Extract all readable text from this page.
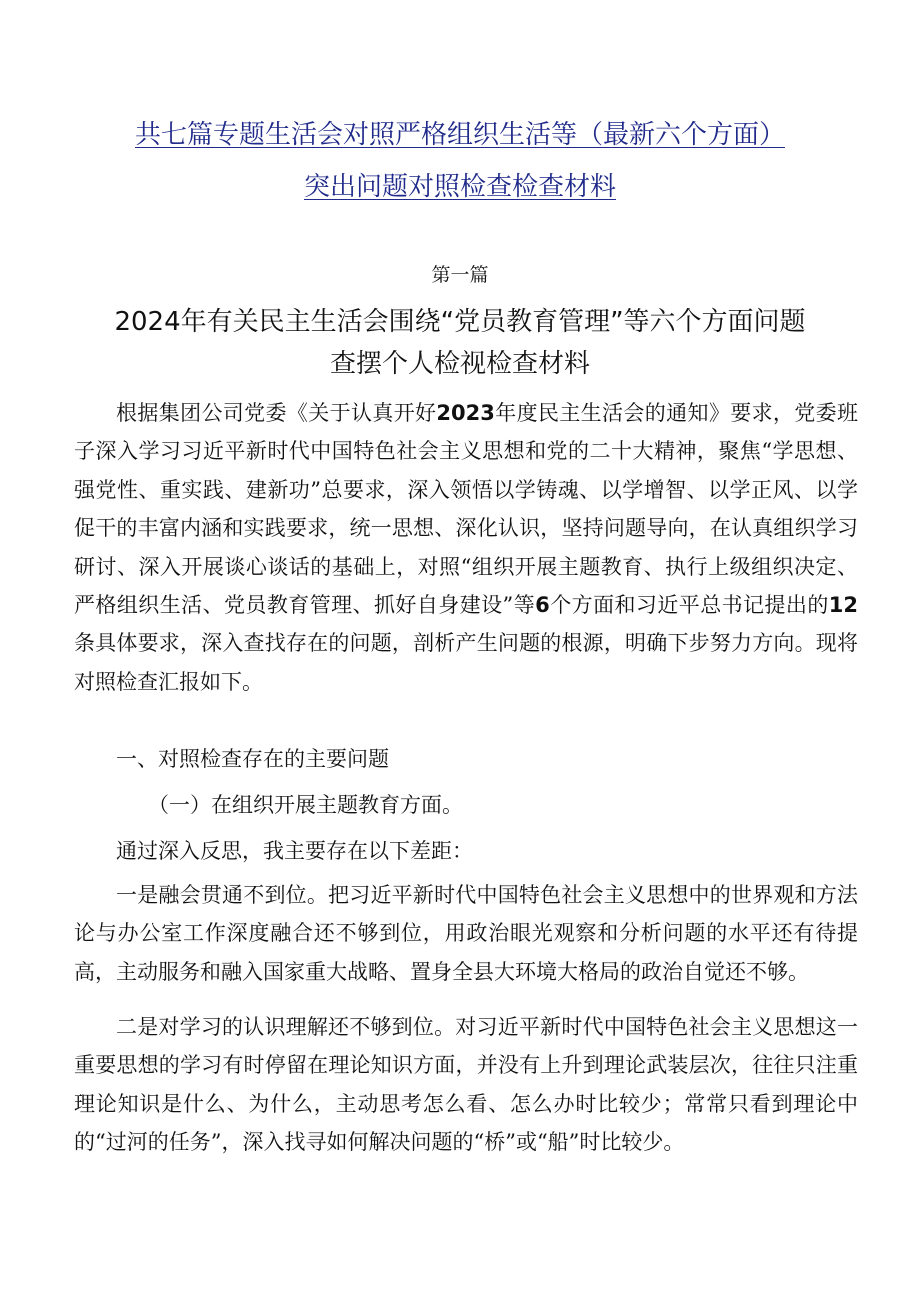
共七篇专题生活会对照严格组织生活等（最新六个方面）
突出问题对照检查检查材料
第一篇
2024年有关民主生活会围绕“党员教育管理”等六个方面问题
查摆个人检视检查材料

根据集团公司党委《关于认真开好2023年度民主生活会的通知》要求，党委班子深入学习习近平新时代中国特色社会主义思想和党的二十大精神，聚焦“学思想、强党性、重实践、建新功”总要求，深入领悟以学铸魂、以学增智、以学正风、以学促干的丰富内涵和实践要求，统一思想、深化认识，坚持问题导向，在认真组织学习研讨、深入开展谈心谈话的基础上，对照“组织开展主题教育、执行上级组织决定、严格组织生活、党员教育管理、抓好自身建设”等6个方面和习近平总书记提出的12条具体要求，深入查找存在的问题，剖析产生问题的根源，明确下步努力方向。现将对照检查汇报如下。

一、对照检查存在的主要问题

（一）在组织开展主题教育方面。

通过深入反思，我主要存在以下差距：

一是融会贯通不到位。把习近平新时代中国特色社会主义思想中的世界观和方法论与办公室工作深度融合还不够到位，用政治眼光观察和分析问题的水平还有待提高，主动服务和融入国家重大战略、置身全县大环境大格局的政治自觉还不够。

二是对学习的认识理解还不够到位。对习近平新时代中国特色社会主义思想这一重要思想的学习有时停留在理论知识方面，并没有上升到理论武装层次，往往只注重理论知识是什么、为什么，主动思考怎么看、怎么办时比较少；常常只看到理论中的“过河的任务”，深入找寻如何解决问题的“桥”或“船”时比较少。
